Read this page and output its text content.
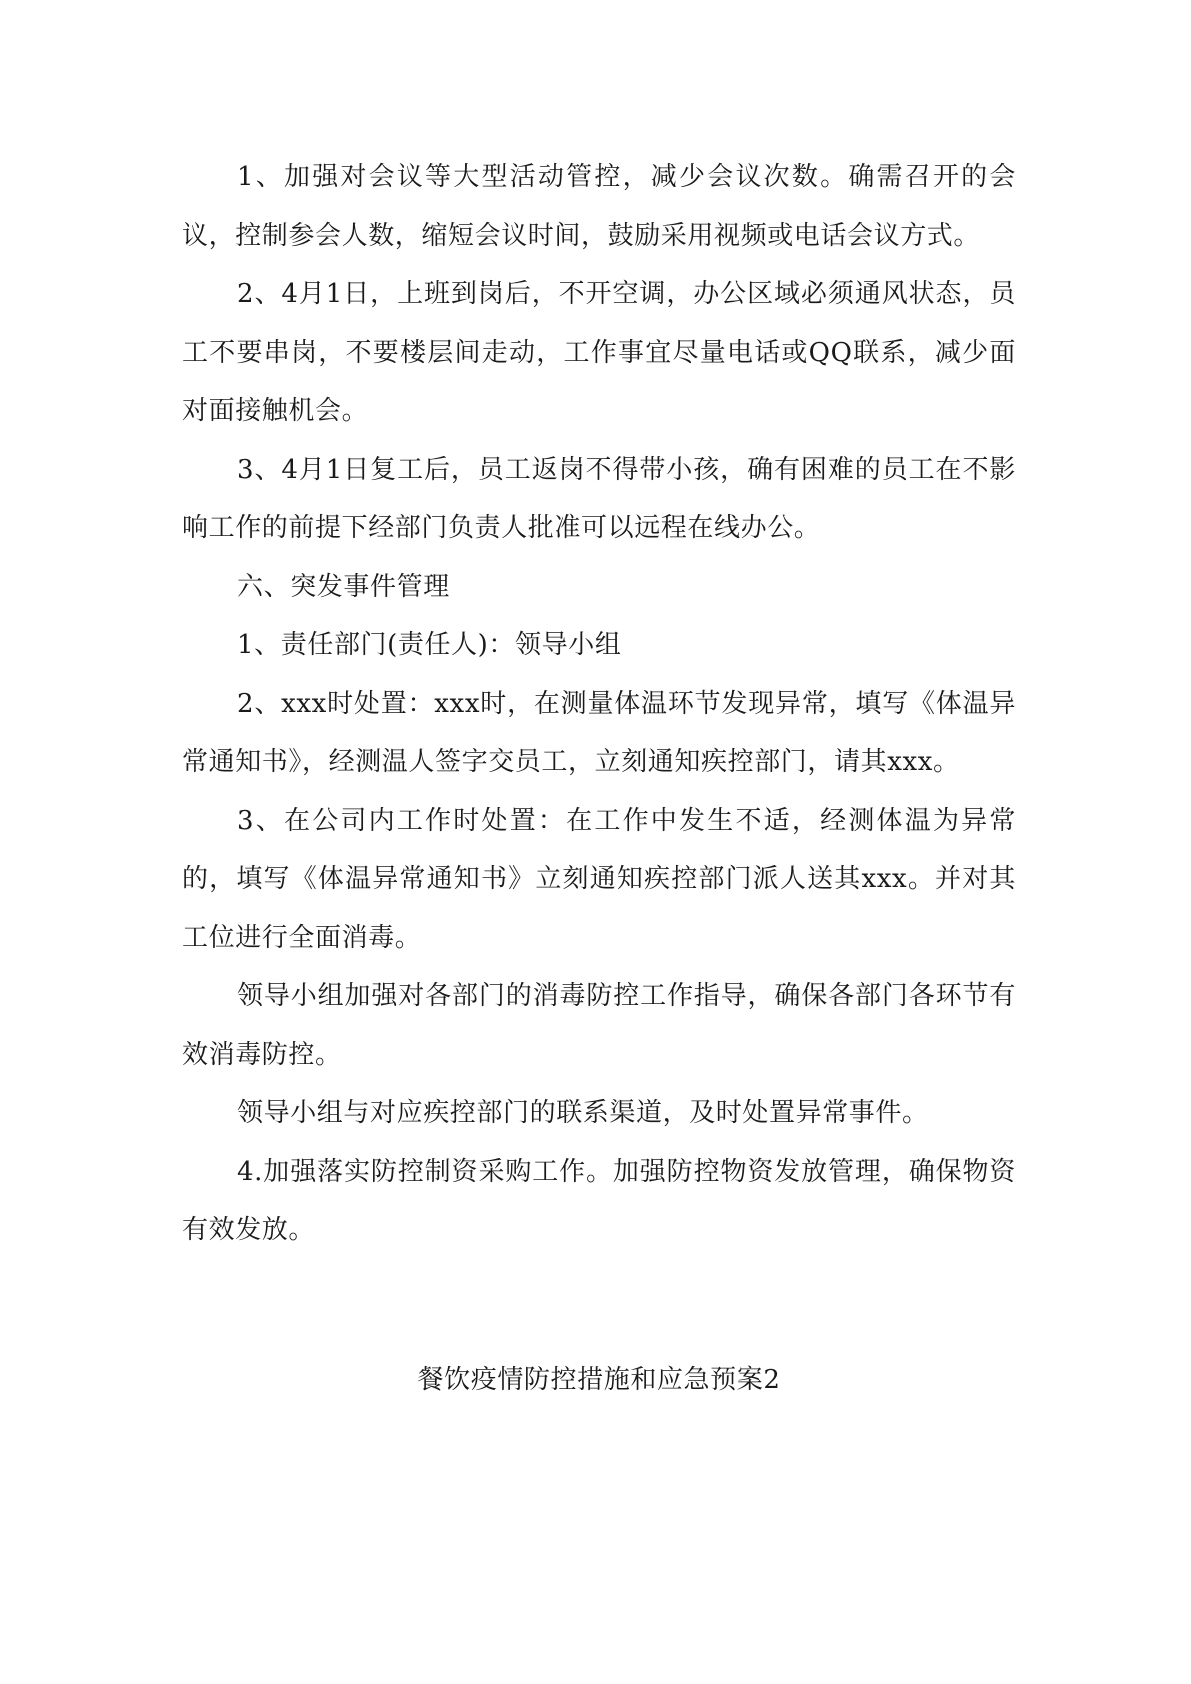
1、加强对会议等大型活动管控，减少会议次数。确需召开的会议，控制参会人数，缩短会议时间，鼓励采用视频或电话会议方式。

2、4月1日，上班到岗后，不开空调，办公区域必须通风状态，员工不要串岗，不要楼层间走动，工作事宜尽量电话或QQ联系，减少面对面接触机会。

3、4月1日复工后，员工返岗不得带小孩，确有困难的员工在不影响工作的前提下经部门负责人批准可以远程在线办公。

六、突发事件管理

1、责任部门(责任人)：领导小组

2、xxx时处置：xxx时，在测量体温环节发现异常，填写《体温异常通知书》，经测温人签字交员工，立刻通知疾控部门，请其xxx。

3、在公司内工作时处置：在工作中发生不适，经测体温为异常的，填写《体温异常通知书》立刻通知疾控部门派人送其xxx。并对其工位进行全面消毒。

领导小组加强对各部门的消毒防控工作指导，确保各部门各环节有效消毒防控。

领导小组与对应疾控部门的联系渠道，及时处置异常事件。

4.加强落实防控制资采购工作。加强防控物资发放管理，确保物资有效发放。

餐饮疫情防控措施和应急预案2
